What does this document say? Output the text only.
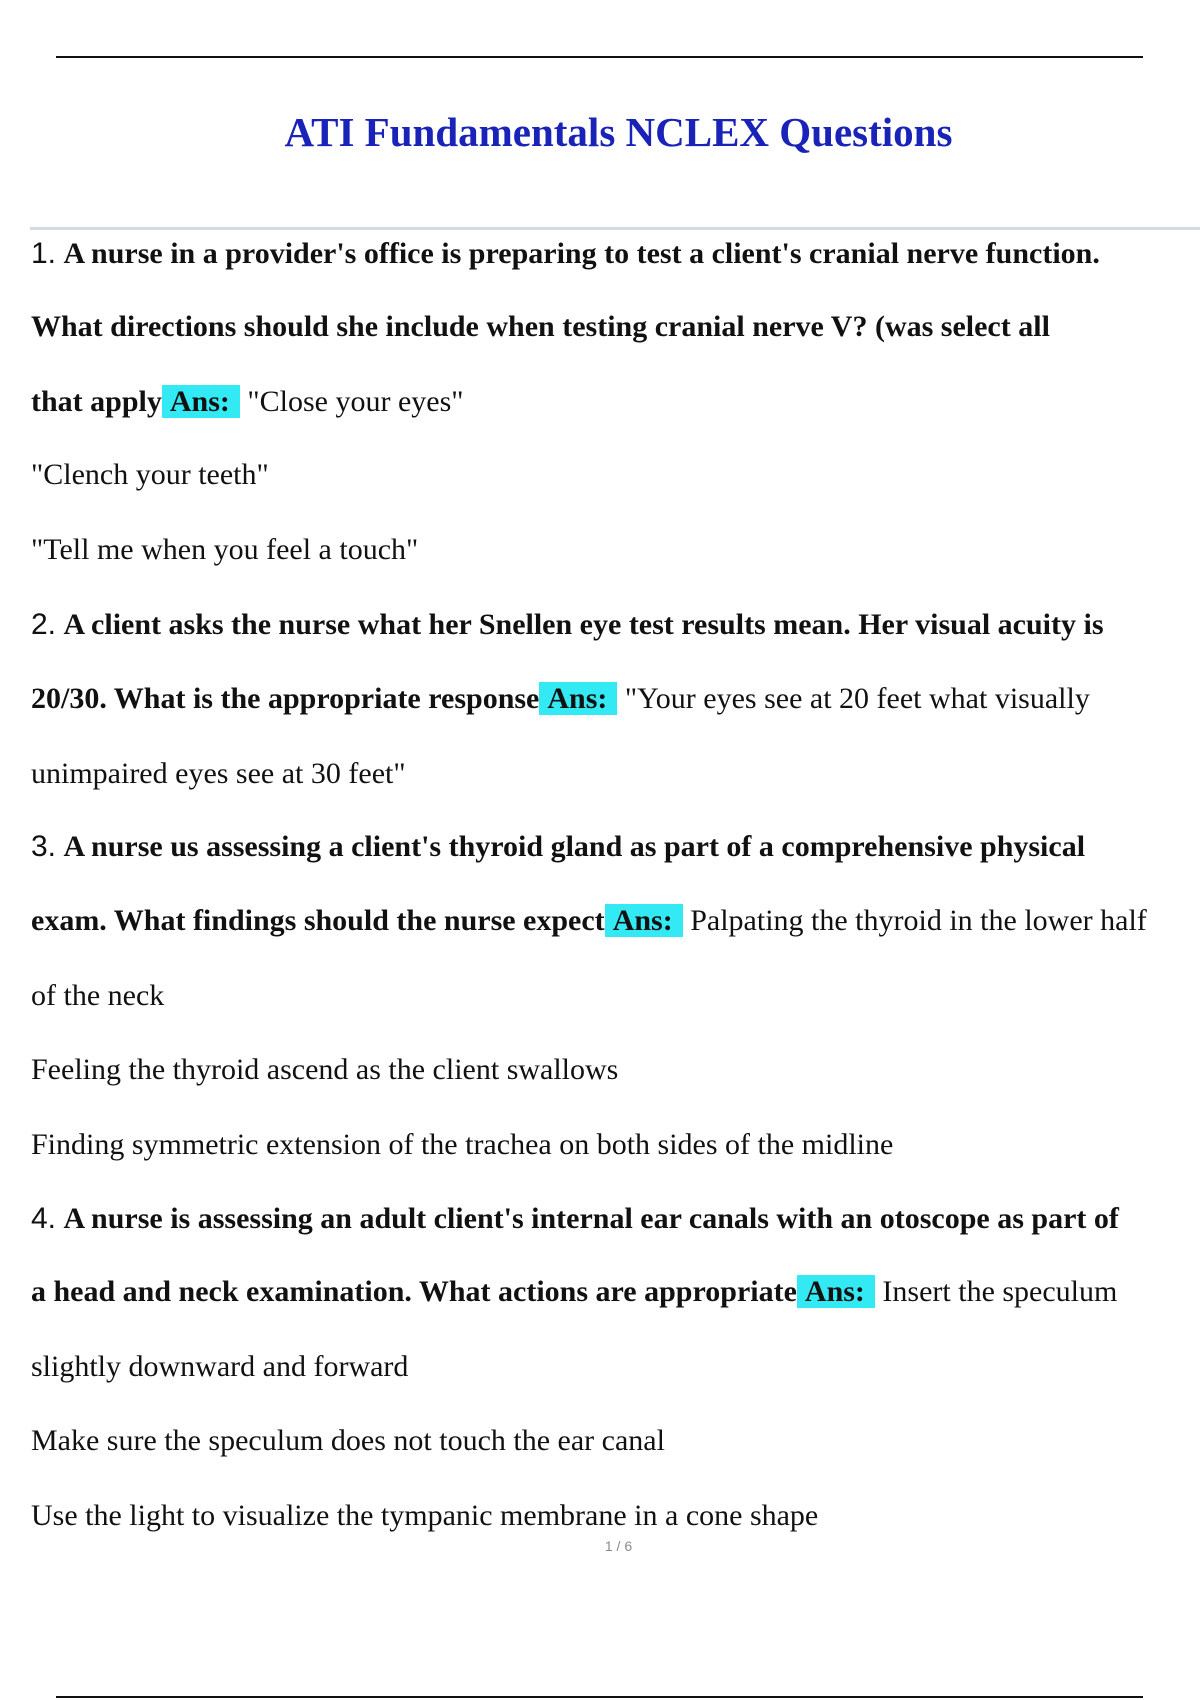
ATI Fundamentals NCLEX Questions
1. A nurse in a provider's office is preparing to test a client's cranial nerve function.
What directions should she include when testing cranial nerve V? (was select all
that apply Ans: "Close your eyes"
"Clench your teeth"
"Tell me when you feel a touch"
2. A client asks the nurse what her Snellen eye test results mean. Her visual acuity is
20/30. What is the appropriate response Ans: "Your eyes see at 20 feet what visually
unimpaired eyes see at 30 feet"
3. A nurse us assessing a client's thyroid gland as part of a comprehensive physical
exam. What findings should the nurse expect Ans: Palpating the thyroid in the lower half
of the neck
Feeling the thyroid ascend as the client swallows
Finding symmetric extension of the trachea on both sides of the midline
4. A nurse is assessing an adult client's internal ear canals with an otoscope as part of
a head and neck examination. What actions are appropriate Ans: Insert the speculum
slightly downward and forward
Make sure the speculum does not touch the ear canal
Use the light to visualize the tympanic membrane in a cone shape
1 / 6
